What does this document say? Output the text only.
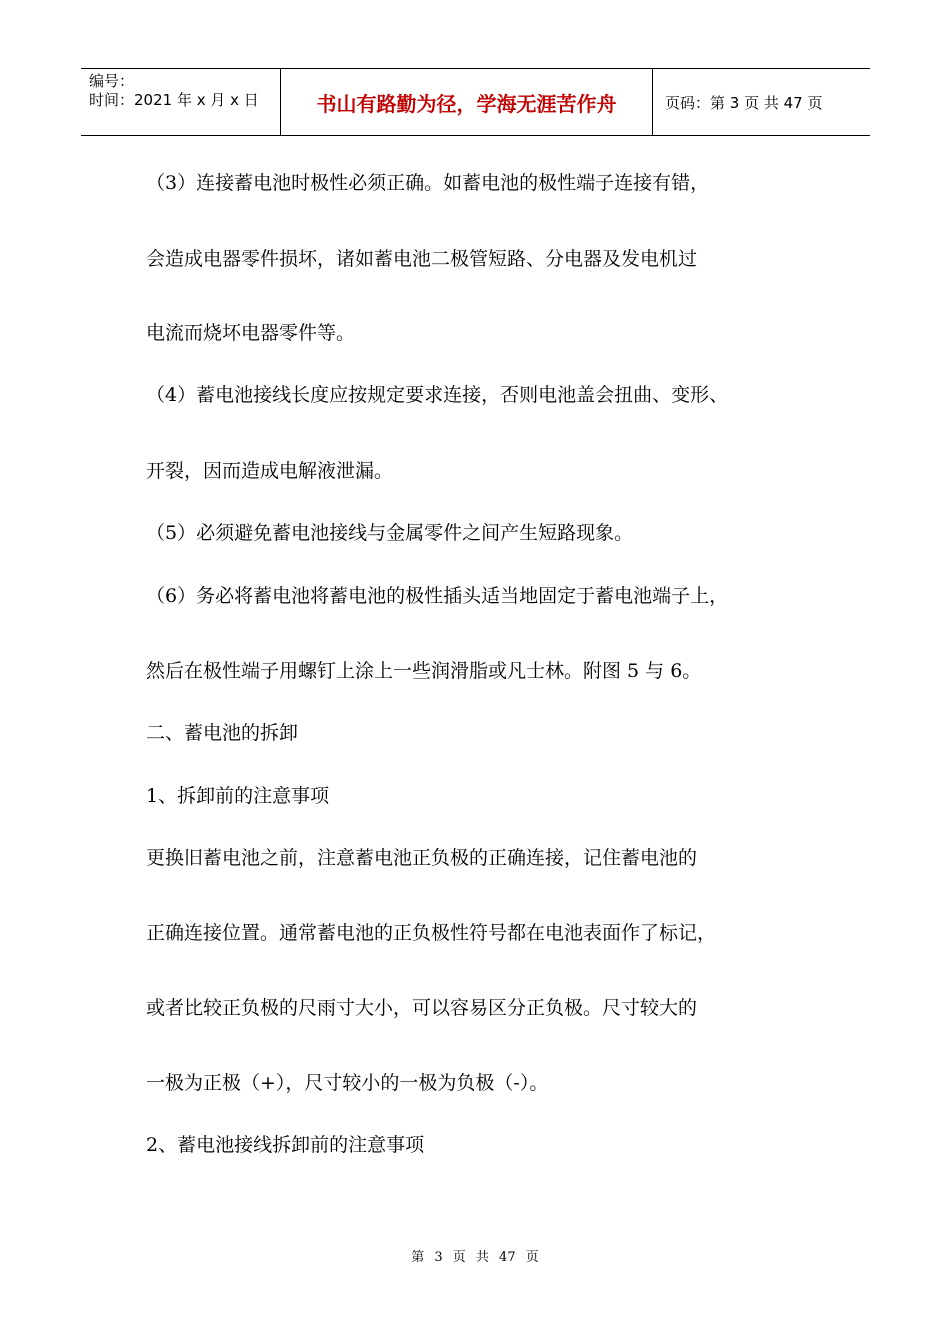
编号：
时间：2021 年 x 月 x 日	书山有路勤为径，学海无涯苦作舟	页码：第 3 页 共 47 页
（3）连接蓄电池时极性必须正确。如蓄电池的极性端子连接有错，
会造成电器零件损坏，诸如蓄电池二极管短路、分电器及发电机过
电流而烧坏电器零件等。
（4）蓄电池接线长度应按规定要求连接，否则电池盖会扭曲、变形、
开裂，因而造成电解液泄漏。
（5）必须避免蓄电池接线与金属零件之间产生短路现象。
（6）务必将蓄电池将蓄电池的极性插头适当地固定于蓄电池端子上，
然后在极性端子用螺钉上涂上一些润滑脂或凡士林。附图 5 与 6。
二、蓄电池的拆卸
1、拆卸前的注意事项
更换旧蓄电池之前，注意蓄电池正负极的正确连接，记住蓄电池的
正确连接位置。通常蓄电池的正负极性符号都在电池表面作了标记，
或者比较正负极的尺雨寸大小，可以容易区分正负极。尺寸较大的
一极为正极（+），尺寸较小的一极为负极（-）。
2、蓄电池接线拆卸前的注意事项
第 3 页 共 47 页
